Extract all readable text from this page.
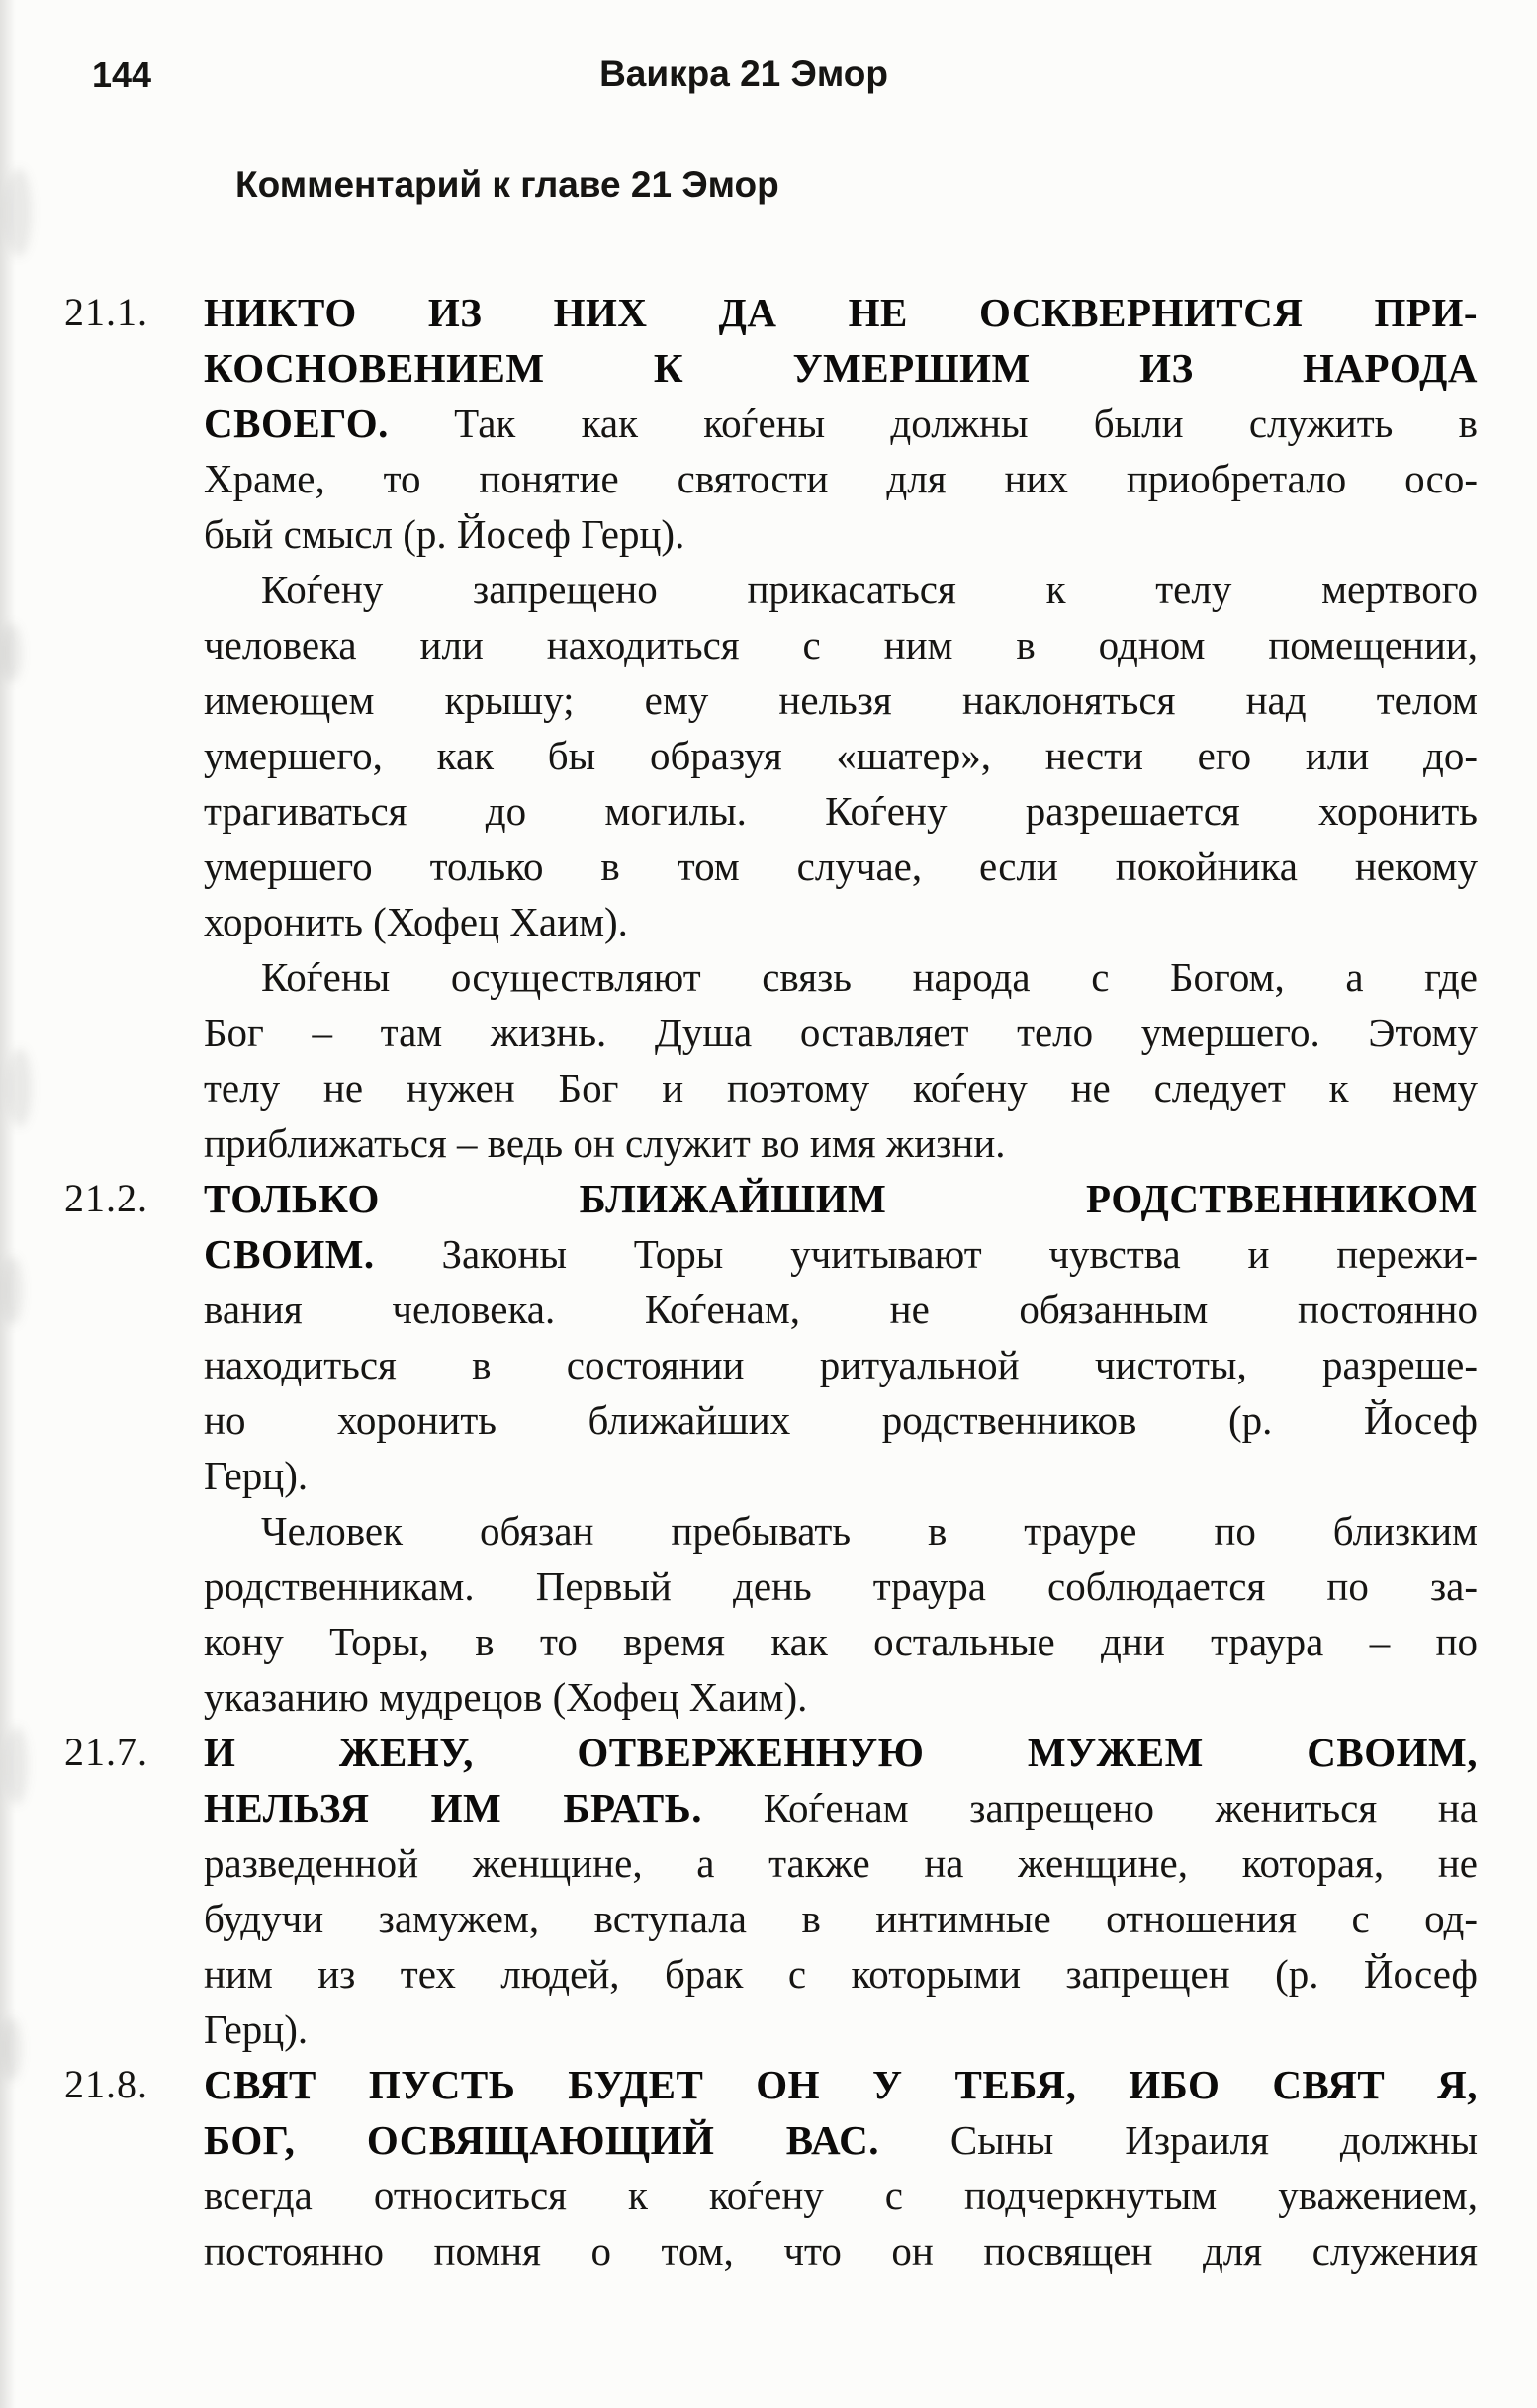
144	Ваикра 21 Эмор
Комментарий к главе 21 Эмор
21.1. НИКТО ИЗ НИХ ДА НЕ ОСКВЕРНИТСЯ ПРИ-
КОСНОВЕНИЕМ К УМЕРШИМ ИЗ НАРОДА
СВОЕГО. Так как коѓены должны были служить в
Храме, то понятие святости для них приобретало осо-
бый смысл (р. Йосеф Герц).
Коѓену запрещено прикасаться к телу мертвого
человека или находиться с ним в одном помещении,
имеющем крышу; ему нельзя наклоняться над телом
умершего, как бы образуя «шатер», нести его или до-
трагиваться до могилы. Коѓену разрешается хоронить
умершего только в том случае, если покойника некому
хоронить (Хофец Хаим).
Коѓены осуществляют связь народа с Богом, а где
Бог – там жизнь. Душа оставляет тело умершего. Этому
телу не нужен Бог и поэтому коѓену не следует к нему
приближаться – ведь он служит во имя жизни.
21.2. ТОЛЬКО БЛИЖАЙШИМ РОДСТВЕННИКОМ
СВОИМ. Законы Торы учитывают чувства и пережи-
вания человека. Коѓенам, не обязанным постоянно
находиться в состоянии ритуальной чистоты, разреше-
но хоронить ближайших родственников (р. Йосеф
Герц).
Человек обязан пребывать в трауре по близким
родственникам. Первый день траура соблюдается по за-
кону Торы, в то время как остальные дни траура – по
указанию мудрецов (Хофец Хаим).
21.7. И ЖЕНУ, ОТВЕРЖЕННУЮ МУЖЕМ СВОИМ,
НЕЛЬЗЯ ИМ БРАТЬ. Коѓенам запрещено жениться на
разведенной женщине, а также на женщине, которая, не
будучи замужем, вступала в интимные отношения с од-
ним из тех людей, брак с которыми запрещен (р. Йосеф
Герц).
21.8. СВЯТ ПУСТЬ БУДЕТ ОН У ТЕБЯ, ИБО СВЯТ Я,
БОГ, ОСВЯЩАЮЩИЙ ВАС. Сыны Израиля должны
всегда относиться к коѓену с подчеркнутым уважением,
постоянно помня о том, что он посвящен для служения
